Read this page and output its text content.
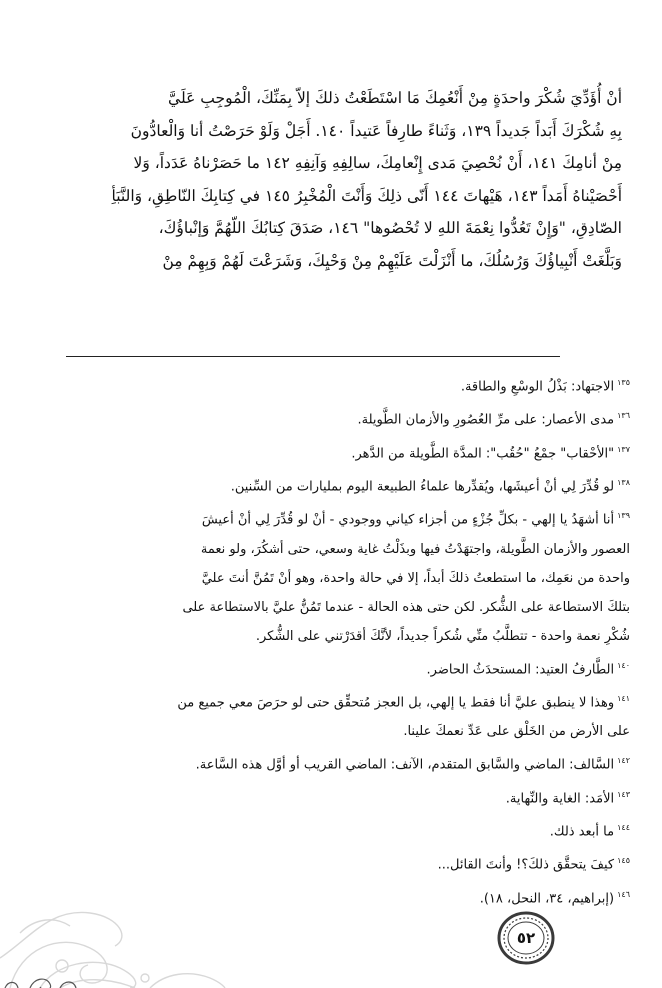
أنْ أُؤَدِّيَ شُكْرَ واحدَةٍ مِنْ أَنْعُمِكَ مَا اسْتَطَعْتُ ذلكَ إلاّ بِمَنِّكَ، الْمُوجِبِ عَلَيَّ
بِهِ شُكْرَكَ أَبَداً جَديداً ١٣٩، وَثَناءً طارِفاً عَتيداً ١٤٠. أَجَلْ وَلَوْ حَرَصْتُ أنا وَالْعادُّونَ
مِنْ أنامِكَ ١٤١، أَنْ نُحْصِيَ مَدى إِنْعامِكَ، سالِفِهِ وَآنِفِهِ ١٤٢ ما حَصَرْناهُ عَدَداً، وَلا
أَحْصَيْناهُ أَمَداً ١٤٣، هَيْهاتَ ١٤٤ أَنّى ذلِكَ وَأَنْتَ الْمُخْبِرُ ١٤٥ في كِتابِكَ النّاطِقِ، وَالنَّبَأِ
الصّادِقِ، "وَإِنْ تَعُدُّوا نِعْمَةَ اللهِ لا تُحْصُوها" ١٤٦، صَدَقَ كِتابُكَ اللّهُمَّ وَإنْباؤُكَ،
وَبَلَّغَتْ أَنْبِياؤُكَ وَرُسُلُكَ، ما أَنْزَلْتَ عَلَيْهِمْ مِنْ وَحْيِكَ، وَشَرَعْتَ لَهُمْ وَبِهِمْ مِنْ
$^{١٣٥}$الاجتهاد: بَذْلُ الوسْعِ والطاقة.
$^{١٣٦}$مدى الأعصار: على مرِّ العُصُورِ والأزمان الطَّويلة.
$^{١٣٧}$"الأحْقاب" جمْعُ "حُقُب": المدَّة الطَّويلة من الدَّهر.
$^{١٣٨}$لو قُدِّرَ لِي أنْ أعيشَها، ويُقدِّرها علماءُ الطبيعة اليوم بمليارات من السِّنين.
$^{١٣٩}$أنا أشهَدُ يا إلهي - بكلِّ جُزْءٍ من أجزاء كياني ووجودي - أنْ لو قُدِّرَ لِي أنْ أعيشَ
العصور والأزمان الطَّويلة، واجتهَدْتُ فيها وبذَلْتُ غاية وسعي، حتى أشكُرَ، ولو نعمة
واحدة من نعَمِك، ما استطعتُ ذلكَ أبداً، إلا في حالة واحدة، وهو أنْ تَمُنَّ أنتَ عليَّ
بتلكَ الاستطاعة على الشُّكر. لكن حتى هذه الحالة - عندما تَمُنُّ عليَّ بالاستطاعة على
شُكْرِ نعمة واحدة - تتطلَّبُ منِّي شُكراً جديداً، لأنَّكَ أقدَرْتني على الشُّكر.
$^{١٤٠}$الطَّارفُ العتيد: المستحدَثُ الحاضر.
$^{١٤١}$وهذا لا ينطبق عليَّ أنا فقط يا إلهي، بل العجز مُتحقِّق حتى لو حرَصَ معي جميع من
على الأرض من الخَلْق على عَدِّ نعمكَ علينا.
$^{١٤٢}$السَّالف: الماضي والسَّابق المتقدم، الآنف: الماضي القريب أو أوَّل هذه السَّاعة.
$^{١٤٣}$الأمَد: الغاية والنِّهاية.
$^{١٤٤}$ما أبعد ذلك.
$^{١٤٥}$كيفَ يتحقَّق ذلكَ؟! وأنتَ القائل...
$^{١٤٦}$(إبراهيم، ٣٤، النحل، ١٨).
٥٢
